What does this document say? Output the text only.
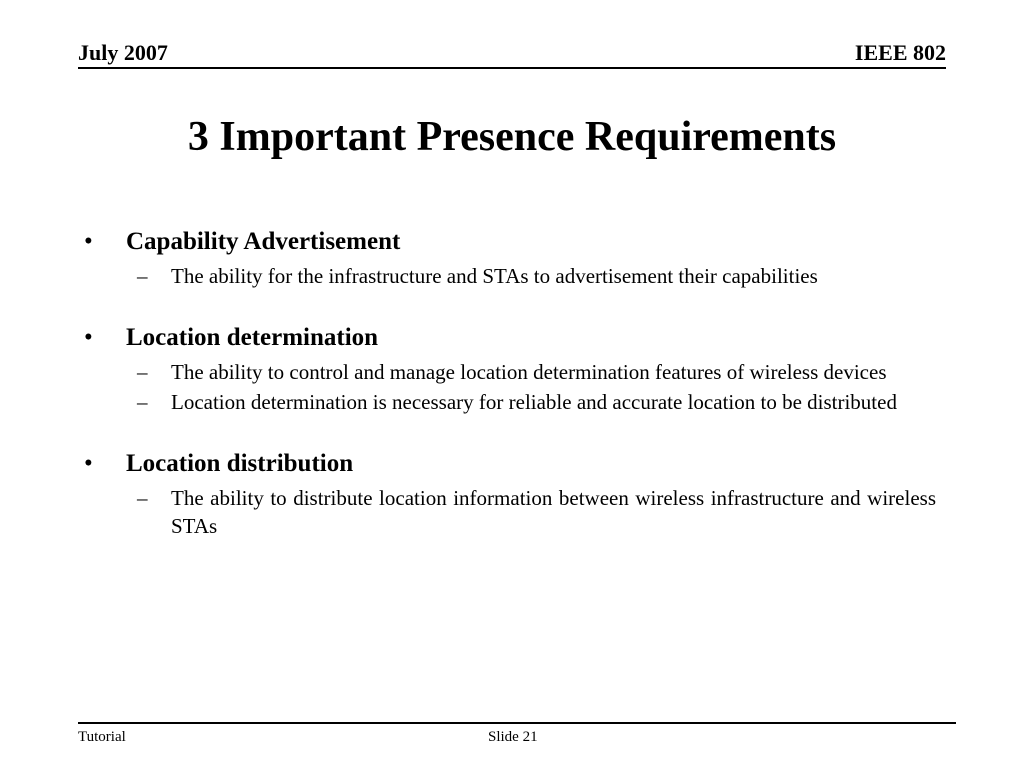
July 2007	IEEE 802
3 Important Presence Requirements
• Capability Advertisement
– The ability for the infrastructure and STAs to advertisement their capabilities
• Location determination
– The ability to control and manage location determination features of wireless devices
– Location determination is necessary for reliable and accurate location to be distributed
• Location distribution
– The ability to distribute location information between wireless infrastructure and wireless STAs
Tutorial	Slide 21
